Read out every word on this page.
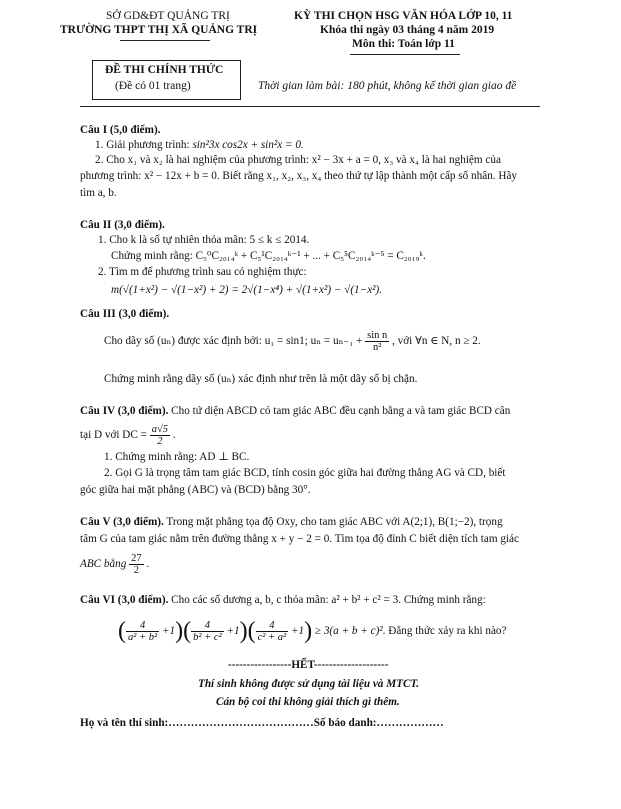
SỞ GD&ĐT QUẢNG TRỊ
TRƯỜNG THPT THỊ XÃ QUẢNG TRỊ
KỲ THI CHỌN HSG VĂN HÓA LỚP 10, 11
Khóa thi ngày 03 tháng 4 năm 2019
Môn thi: Toán lớp 11
ĐỀ THI CHÍNH THỨC
(Đề có 01 trang)	Thời gian làm bài: 180 phút, không kể thời gian giao đề
Câu I (5,0 điểm).
1. Giải phương trình: sin²3x cos2x + sin²x = 0.
2. Cho x₁ và x₂ là hai nghiệm của phương trình: x² − 3x + a = 0, x₃ và x₄ là hai nghiệm của
phương trình: x² − 12x + b = 0. Biết rằng x₁, x₂, x₃, x₄ theo thứ tự lập thành một cấp số nhân. Hãy
tìm a, b.
Câu II (3,0 điểm).
1. Cho k là số tự nhiên thỏa mãn: 5 ≤ k ≤ 2014.
Chứng minh rằng: C₅⁰C₂₀₁₄ᵏ + C₅¹C₂₀₁₄ᵏ⁻¹ + ... + C₅⁵C₂₀₁₄ᵏ⁻⁵ = C₂₀₁₉ᵏ.
2. Tìm m để phương trình sau có nghiệm thực:
m(√(1+x²) − √(1−x²) + 2) = 2√(1−x⁴) + √(1+x²) − √(1−x²).
Câu III (3,0 điểm).
Cho dãy số (uₙ) được xác định bởi: u₁ = sin1; $u_n = u_{n-1} + \frac{\text{sin n}}{\text{n²}}$ , với ∀n ∈ N, n ≥ 2.
Chứng minh rằng dãy số (uₙ) xác định như trên là một dãy số bị chặn.
Câu IV (3,0 điểm). Cho tứ diện ABCD có tam giác ABC đều cạnh bằng a và tam giác BCD cân
tại D với DC = $\frac{a√5}{2}$ .
1. Chứng minh rằng: AD ⊥ BC.
2. Gọi G là trọng tâm tam giác BCD, tính cosin góc giữa hai đường thẳng AG và CD, biết
góc giữa hai mặt phẳng (ABC) và (BCD) bằng 30°.
Câu V (3,0 điểm). Trong mặt phẳng tọa độ Oxy, cho tam giác ABC với A(2;1), B(1;−2), trọng
tâm G của tam giác nằm trên đường thẳng x + y − 2 = 0. Tìm tọa độ đỉnh C biết diện tích tam giác
ABC bằng $\frac{27}{2}$ .
Câu VI (3,0 điểm). Cho các số dương a, b, c thỏa mãn: a² + b² + c² = 3. Chứng minh rằng:
( $\frac{4}{\text{a² + b²}} +1)( \frac{4}{\text{b² + c²}} +1)( \frac{4}{\text{c² + a²}} +1) \ge 3(a + b + c)^2$. Đẳng thức xảy ra khi nào?
-----------------HẾT--------------------
Thí sinh không được sử dụng tài liệu và MTCT.
Cán bộ coi thi không giải thích gì thêm.
Họ và tên thí sinh:…………………………………Số báo danh:………………
